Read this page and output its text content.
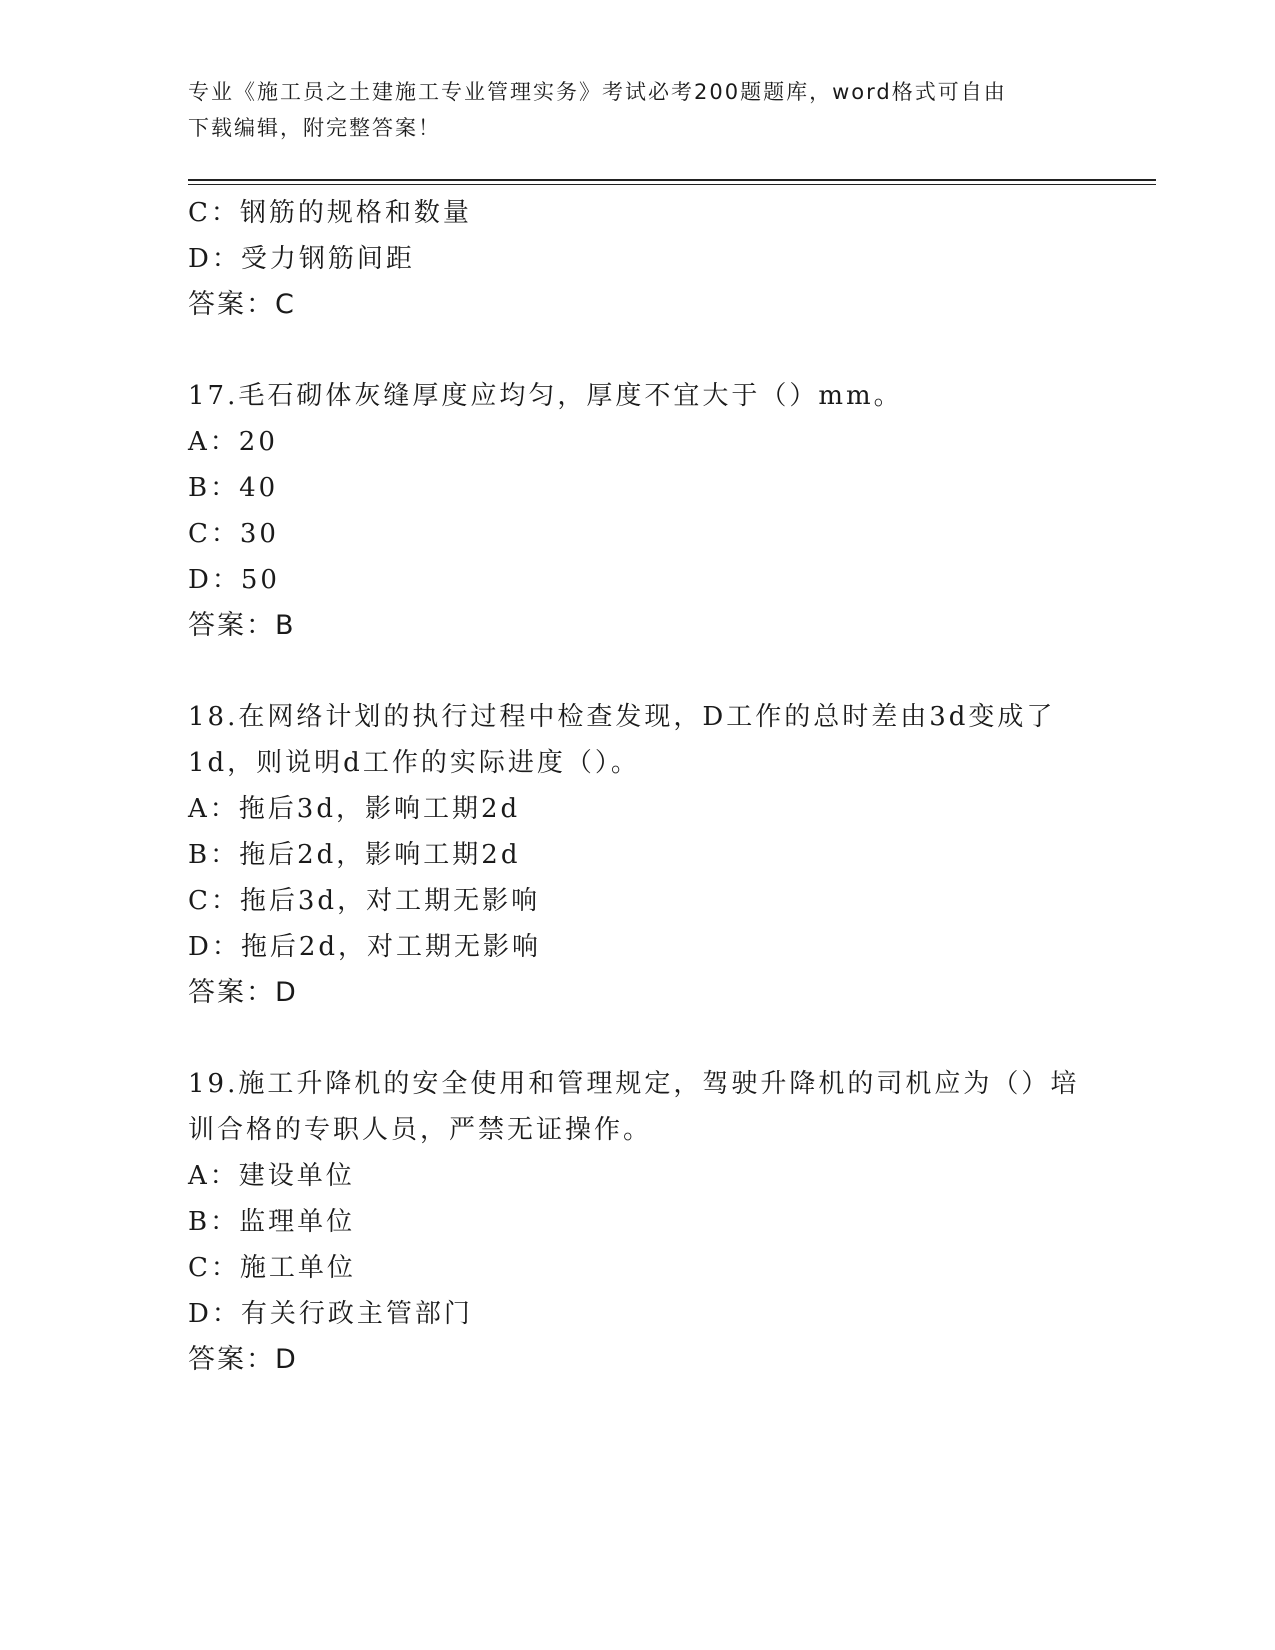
专业《施工员之土建施工专业管理实务》考试必考200题题库，word格式可自由
下载编辑，附完整答案！
C：钢筋的规格和数量
D：受力钢筋间距
答案：C
17.毛石砌体灰缝厚度应均匀，厚度不宜大于（）mm。
A：20
B：40
C：30
D：50
答案：B
18.在网络计划的执行过程中检查发现，D工作的总时差由3d变成了
1d，则说明d工作的实际进度（）。
A：拖后3d，影响工期2d
B：拖后2d，影响工期2d
C：拖后3d，对工期无影响
D：拖后2d，对工期无影响
答案：D
19.施工升降机的安全使用和管理规定，驾驶升降机的司机应为（）培
训合格的专职人员，严禁无证操作。
A：建设单位
B：监理单位
C：施工单位
D：有关行政主管部门
答案：D
